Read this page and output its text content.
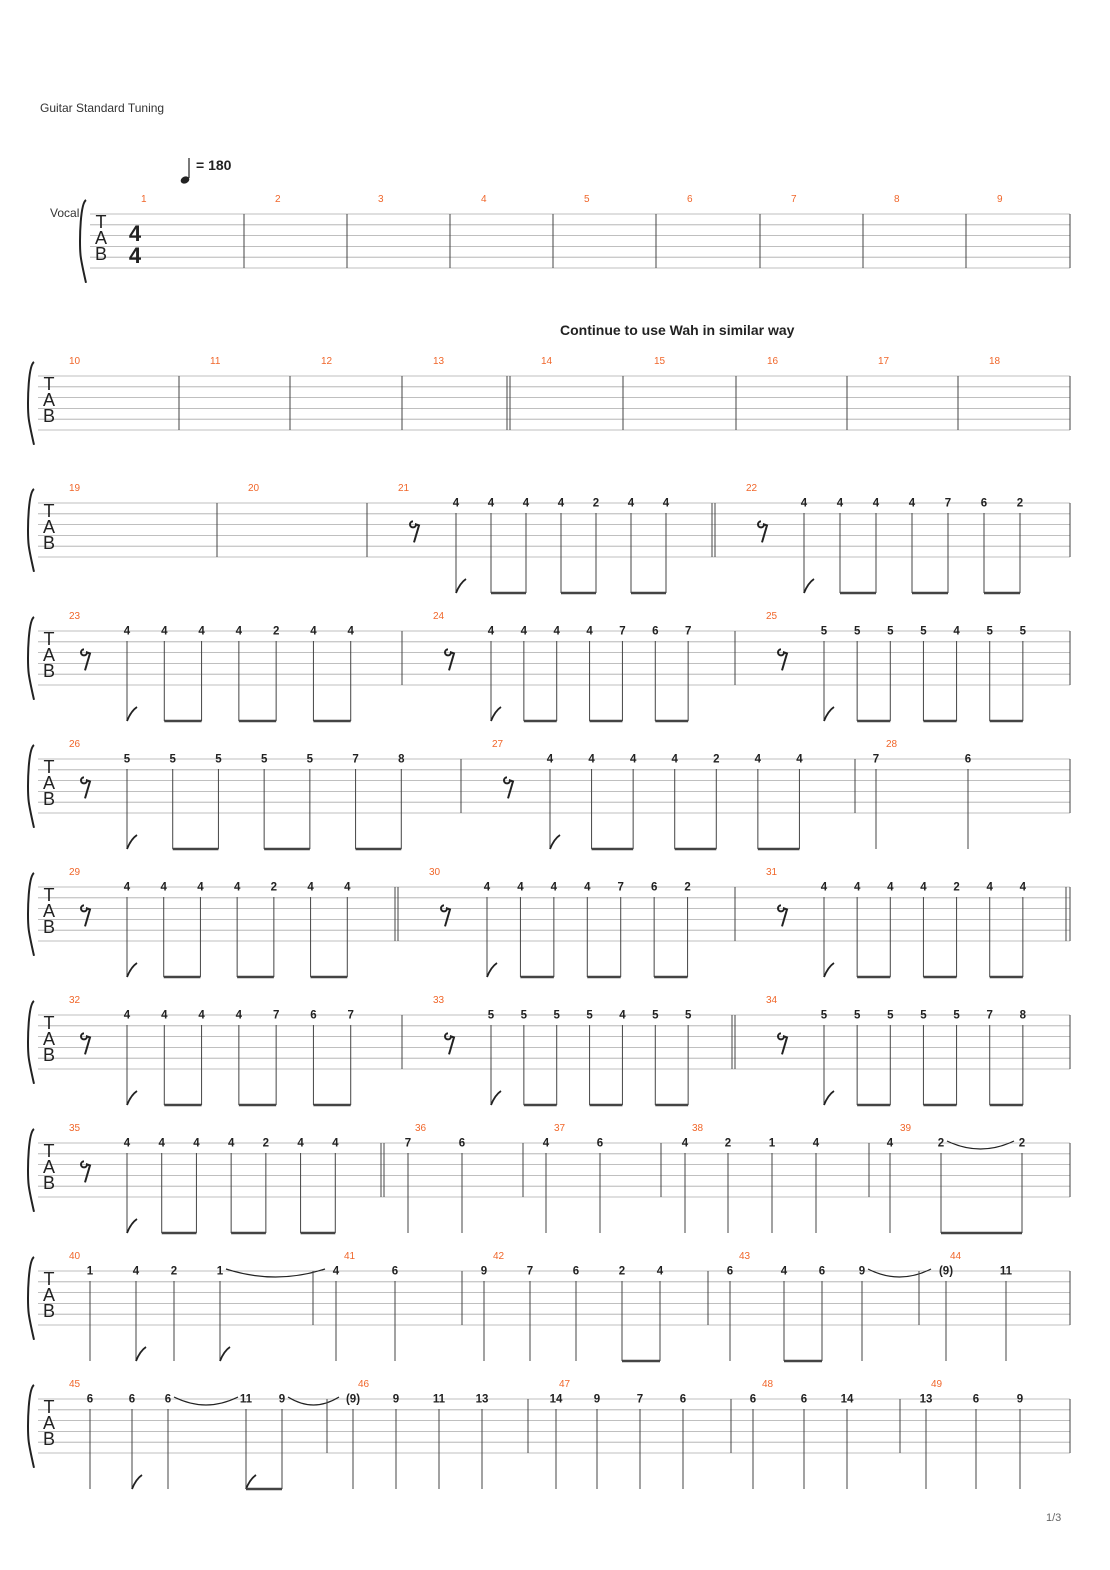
Guitar Standard Tuning
= 180
Vocal
Continue to use Wah in similar way
T
A
B
4
4
1	2	3	4	5	6	7	8	9
T
A
B
10	11	12	13	14	15	16	17	18
T
A
B
19	20	21
4 4 4 4 2 4 4
22
4	4	4	4	7	6	2
T
A
B
23
4	4	4	4	2	4	4
24
4 4 4 4 7 6 7
25
5 5 5 5 4 5 5
T
A
B
26
5	5	5	5	5	7	8
27
4	4	4	4	2	4	4
28
7	6
T
A
B
29
4	4	4	4	2	4	4
30
4 4 4 4 7 6 2
31
4 4 4 4 2 4 4
T
A
B
32
4	4	4	4	7	6	7
33
5 5 5 5 4 5 5
34
5 5 5 5 5 7 8
T
A
B
35
4 4 4 4 2 4 4
36
7	6
37
4	6
38
4	2	1	4
39
4	2	2
T
A
B
40
1	4	2	1
41
4	6
42
9	7	6	2	4
43
6	4	6	9
44
(9)	11
T
A
B
45
6	6	6	11 9
46
(9)	9	11	13
47
14	9	7	6
48
6	6	14
49
13	6	9
1/3
